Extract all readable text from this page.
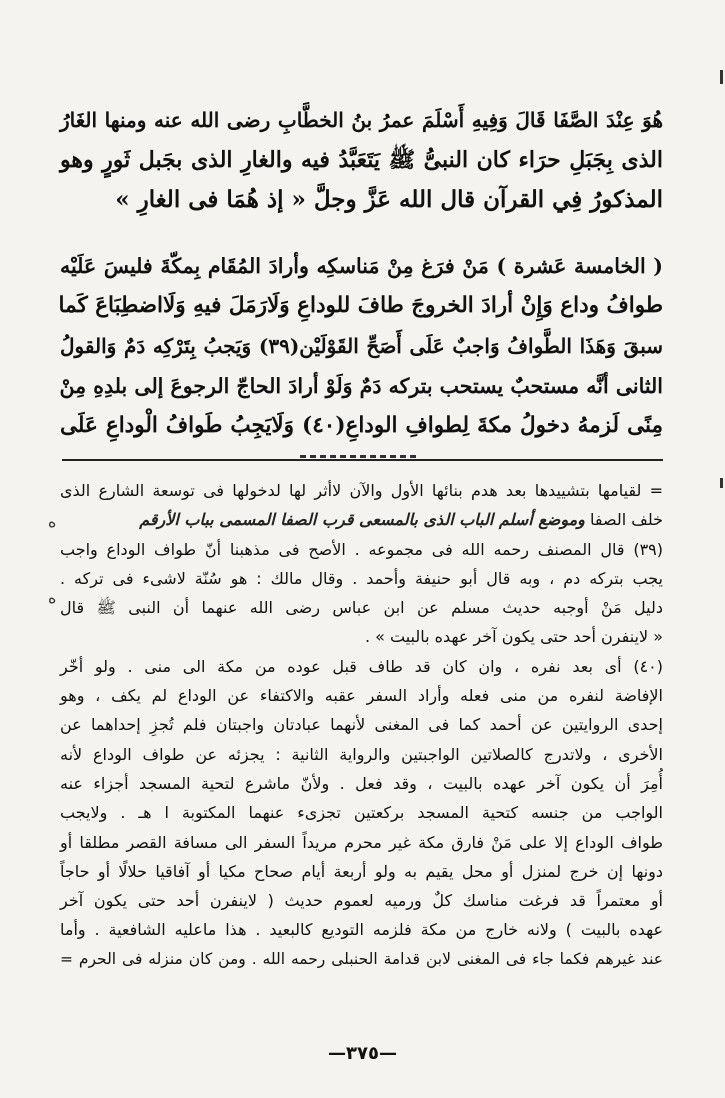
هُوَ عِنْدَ الصَّفَا قَالَ وَفِيهِ أَسْلَمَ عمرُ بنُ الخطَّابِ رضى الله عنه ومنها الغَارُ
الذى بِجَبَلِ حرَاء كان النبىُّ ﷺ يَتَعَبَّدُ فيه والغارِ الذى بجَبل ثَورٍ وهو
المذكورُ فِي القرآن قال الله عَزَّ وجلَّ « إذ هُمَا فى الغارِ »
( الخامسة عَشرة ) مَنْ فرَغ مِنْ مَناسكِه وأرادَ المُقَام بِمكّةَ فليسَ عَلَيْه
طوافُ وداع وَإِنْ أرادَ الخروجَ طافَ للوداعِ وَلَارَمَلَ فيهِ وَلَااضطِبَاعَ كَما
سبقَ وَهَذَا الطَّوافُ وَاجبٌ عَلَى أَصَحِّ القَوْلَيْن(٣٩) وَيَجبُ بِتَرْكِه دَمٌ وَالقولُ
الثانى أنَّه مستحبٌ يستحب بتركه دَمٌ وَلَوْ أرادَ الحاجّ الرجوعَ إلى بلدِهِ مِنْ
مِنًى لَزمهُ دخولُ مكةَ لِطوافِ الوداعِ(٤٠) وَلَايَجِبُ طَوافُ الْوداعِ عَلَى
= لقيامها بتشييدها بعد هدم بنائها الأول والآن لاأثر لها لدخولها فى توسعة الشارع الذى
خلف الصفا وموضع أسلم الباب الذى بالمسعى قرب الصفا المسمى بباب الأرقم
(٣٩) قال المصنف رحمه الله فى مجموعه . الأصح فى مذهبنا أنّ طواف الوداع واجب
يجب بتركه دم ، وبه قال أبو حنيفة وأحمد . وقال مالك : هو سُنّة لاشىء فى تركه .
دليل مَنْ أوجبه حديث مسلم عن ابن عباس رضى الله عنهما أن النبى ﷺ قال
« لاينفرن أحد حتى يكون آخر عهده بالبيت » .
(٤٠) أى بعد نفره ، وان كان قد طاف قبل عوده من مكة الى منى . ولو أخّر
الإفاضة لنفره من منى فعله وأراد السفر عقبه والاكتفاء عن الوداع لم يكف ، وهو
إحدى الروايتين عن أحمد كما فى المغنى لأنهما عبادتان واجبتان فلم تُجزِ إحداهما عن
الأخرى ، ولاتدرج كالصلاتين الواجبتين والرواية الثانية : يجزئه عن طواف الوداع لأنه
أُمِرَ أن يكون آخر عهده بالبيت ، وقد فعل . ولأنّ ماشرع لتحية المسجد أجزاء عنه
الواجب من جنسه كتحية المسجد بركعتين تجزىء عنهما المكتوبة ا هـ . ولايجب
طواف الوداع إلا على مَنْ فارق مكة غير محرم مريداً السفر الى مسافة القصر مطلقا أو
دونها إن خرج لمنزل أو محل يقيم به ولو أربعة أيام صحاح مكيا أو آفاقيا حلالًا أو حاجاً
أو معتمراً قد فرغت مناسك كلٌ ورميه لعموم حديث ( لاينفرن أحد حتى يكون آخر
عهده بالبيت ) ولانه خارج من مكة فلزمه التوديع كالبعيد . هذا ماعليه الشافعية . وأما
عند غيرهم فكما جاء فى المغنى لابن قدامة الحنبلى رحمه الله . ومن كان منزله فى الحرم =
ه
ه
—٣٧٥—
